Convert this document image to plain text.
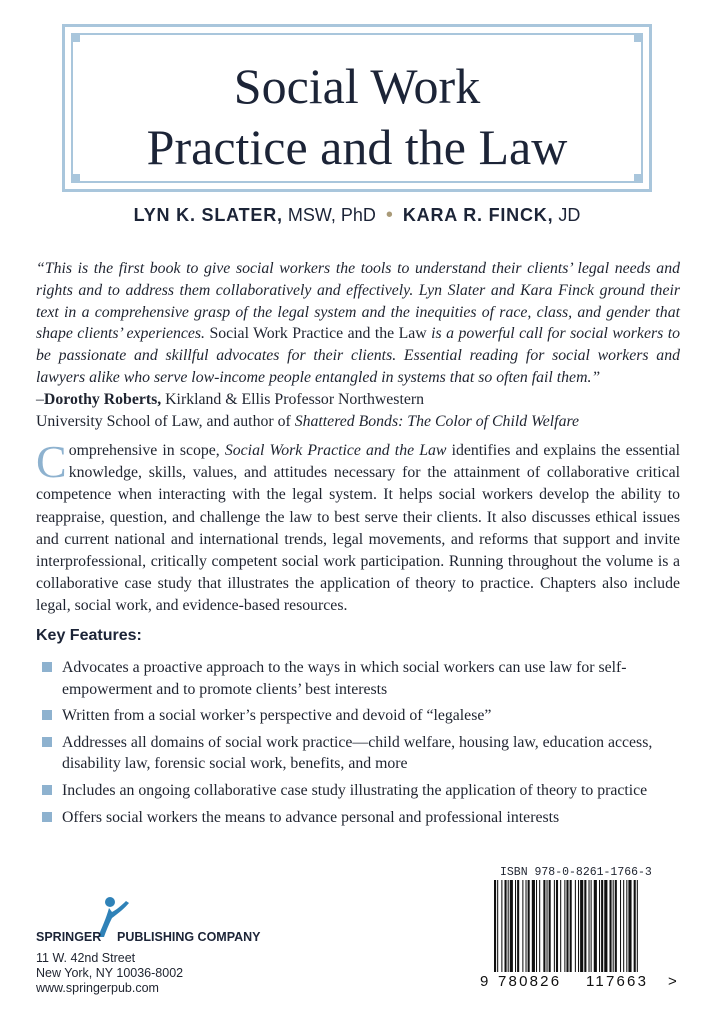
Social Work
Practice and the Law
LYN K. SLATER, MSW, PhD • KARA R. FINCK, JD

“This is the first book to give social workers the tools to understand their clients’ legal needs and rights and to address them collaboratively and effectively. Lyn Slater and Kara Finck ground their text in a comprehensive grasp of the legal system and the inequities of race, class, and gender that shape clients’ experiences. Social Work Practice and the Law is a powerful call for social workers to be passionate and skillful advocates for their clients. Essential reading for social workers and lawyers alike who serve low-income people entangled in systems that so often fail them.”

–Dorothy Roberts, Kirkland & Ellis Professor Northwestern

University School of Law, and author of Shattered Bonds: The Color of Child Welfare

Comprehensive in scope, Social Work Practice and the Law identifies and explains the essential knowledge, skills, values, and attitudes necessary for the attainment of collaborative critical competence when interacting with the legal system. It helps social workers develop the ability to reappraise, question, and challenge the law to best serve their clients. It also discusses ethical issues and current national and international trends, legal movements, and reforms that support and invite interprofessional, critically competent social work participation. Running throughout the volume is a collaborative case study that illustrates the application of theory to practice. Chapters also include legal, social work, and evidence-based resources.
Key Features:
Advocates a proactive approach to the ways in which social workers can use law for self-empowerment and to promote clients’ best interests
Written from a social worker’s perspective and devoid of “legalese”
Addresses all domains of social work practice—child welfare, housing law, education access, disability law, forensic social work, benefits, and more
Includes an ongoing collaborative case study illustrating the application of theory to practice
Offers social workers the means to advance personal and professional interests
SPRINGER PUBLISHING COMPANY
11 W. 42nd Street
New York, NY 10036-8002
www.springerpub.com
ISBN 978-0-8261-1766-3
9 780826 117663 >
